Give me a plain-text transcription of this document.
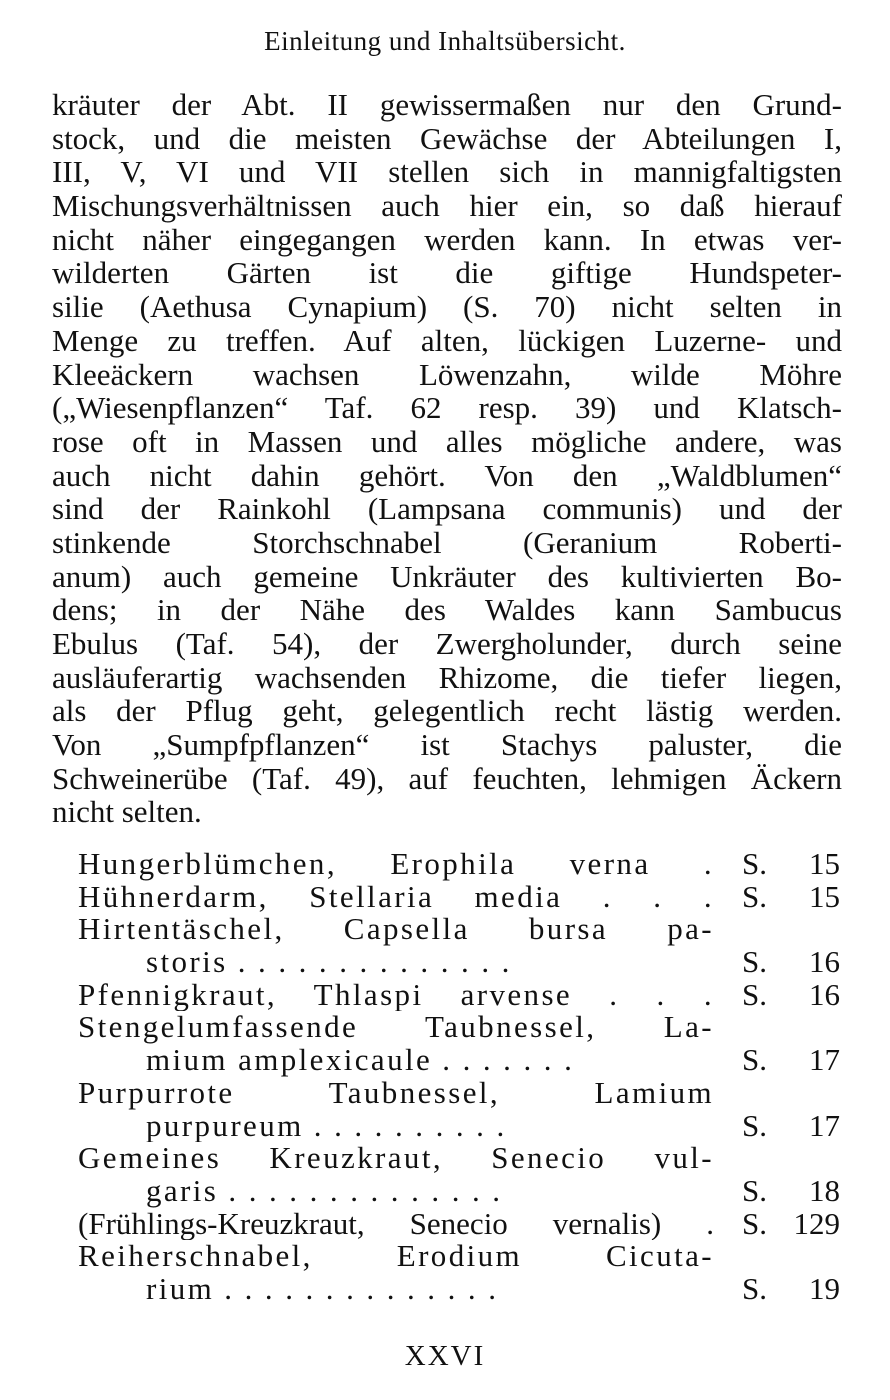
Einleitung und Inhaltsübersicht.
kräuter der Abt. II gewissermaßen nur den Grund-
stock, und die meisten Gewächse der Abteilungen I,
III, V, VI und VII stellen sich in mannigfaltigsten
Mischungsverhältnissen auch hier ein, so daß hierauf
nicht näher eingegangen werden kann. In etwas ver-
wilderten Gärten ist die giftige Hundspeter-
silie (Aethusa Cynapium) (S. 70) nicht selten in
Menge zu treffen. Auf alten, lückigen Luzerne- und
Kleeäckern wachsen Löwenzahn, wilde Möhre
(„Wiesenpflanzen“ Taf. 62 resp. 39) und Klatsch-
rose oft in Massen und alles mögliche andere, was
auch nicht dahin gehört. Von den „Waldblumen“
sind der Rainkohl (Lampsana communis) und der
stinkende Storchschnabel (Geranium Roberti-
anum) auch gemeine Unkräuter des kultivierten Bo-
dens; in der Nähe des Waldes kann Sambucus
Ebulus (Taf. 54), der Zwergholunder, durch seine
ausläuferartig wachsenden Rhizome, die tiefer liegen,
als der Pflug geht, gelegentlich recht lästig werden.
Von „Sumpfpflanzen“ ist Stachys paluster, die
Schweinerübe (Taf. 49), auf feuchten, lehmigen Äckern
nicht selten.
Hungerblümchen, Erophila verna . S. 15
Hühnerdarm, Stellaria media . . . S. 15
Hirtentäschel, Capsella bursa pa-
storis . . . . . . . . . . . . . .	S. 16
Pfennigkraut, Thlaspi arvense . . . S. 16
Stengelumfassende Taubnessel, La-
mium amplexicaule . . . . . . .	S. 17
Purpurrote Taubnessel, Lamium
purpureum . . . . . . . . . .	S. 17
Gemeines Kreuzkraut, Senecio vul-
garis . . . . . . . . . . . . . .	S. 18
(Frühlings-Kreuzkraut, Senecio vernalis) . S. 129
Reiherschnabel, Erodium Cicuta-
rium . . . . . . . . . . . . . .	S. 19
XXVI
